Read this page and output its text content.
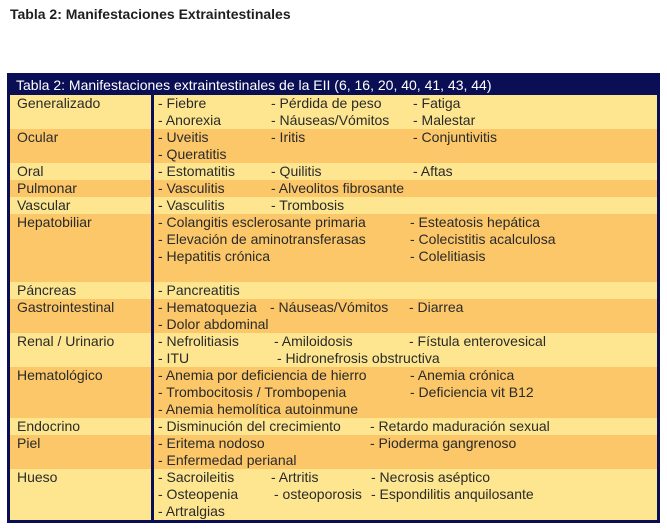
Tabla 2: Manifestaciones Extraintestinales
Tabla 2: Manifestaciones extraintestinales de la EII (6, 16, 20, 40, 41, 43, 44)
Generalizado	- Fiebre	- Pérdida de peso - Fatiga
- Anorexia	- Náuseas/Vómitos - Malestar
Ocular	- Uveitis	- Iritis	- Conjuntivitis
- Queratitis
Oral	- Estomatitis	- Quilitis	- Aftas
Pulmonar	- Vasculitis	- Alveolitos fibrosante
Vascular	- Vasculitis	- Trombosis
Hepatobiliar	- Colangitis esclerosante primaria	- Esteatosis hepática
- Elevación de aminotransferasas	- Colecistitis acalculosa
- Hepatitis crónica	- Colelitiasis
Páncreas	- Pancreatitis
Gastrointestinal	- Hematoquezia - Náuseas/Vómitos - Diarrea
- Dolor abdominal
Renal / Urinario	- Nefrolitiasis	- Amiloidosis	- Fístula enterovesical
- ITU	- Hidronefrosis obstructiva
Hematológico	- Anemia por deficiencia de hierro	- Anemia crónica
- Trombocitosis / Trombopenia	- Deficiencia vit B12
- Anemia hemolítica autoinmune
Endocrino	- Disminución del crecimiento - Retardo maduración sexual
Piel	- Eritema nodoso	- Pioderma gangrenoso
- Enfermedad perianal
Hueso	- Sacroileitis	- Artritis	- Necrosis aséptico
- Osteopenia	- osteoporosis - Espondilitis anquilosante
- Artralgias
